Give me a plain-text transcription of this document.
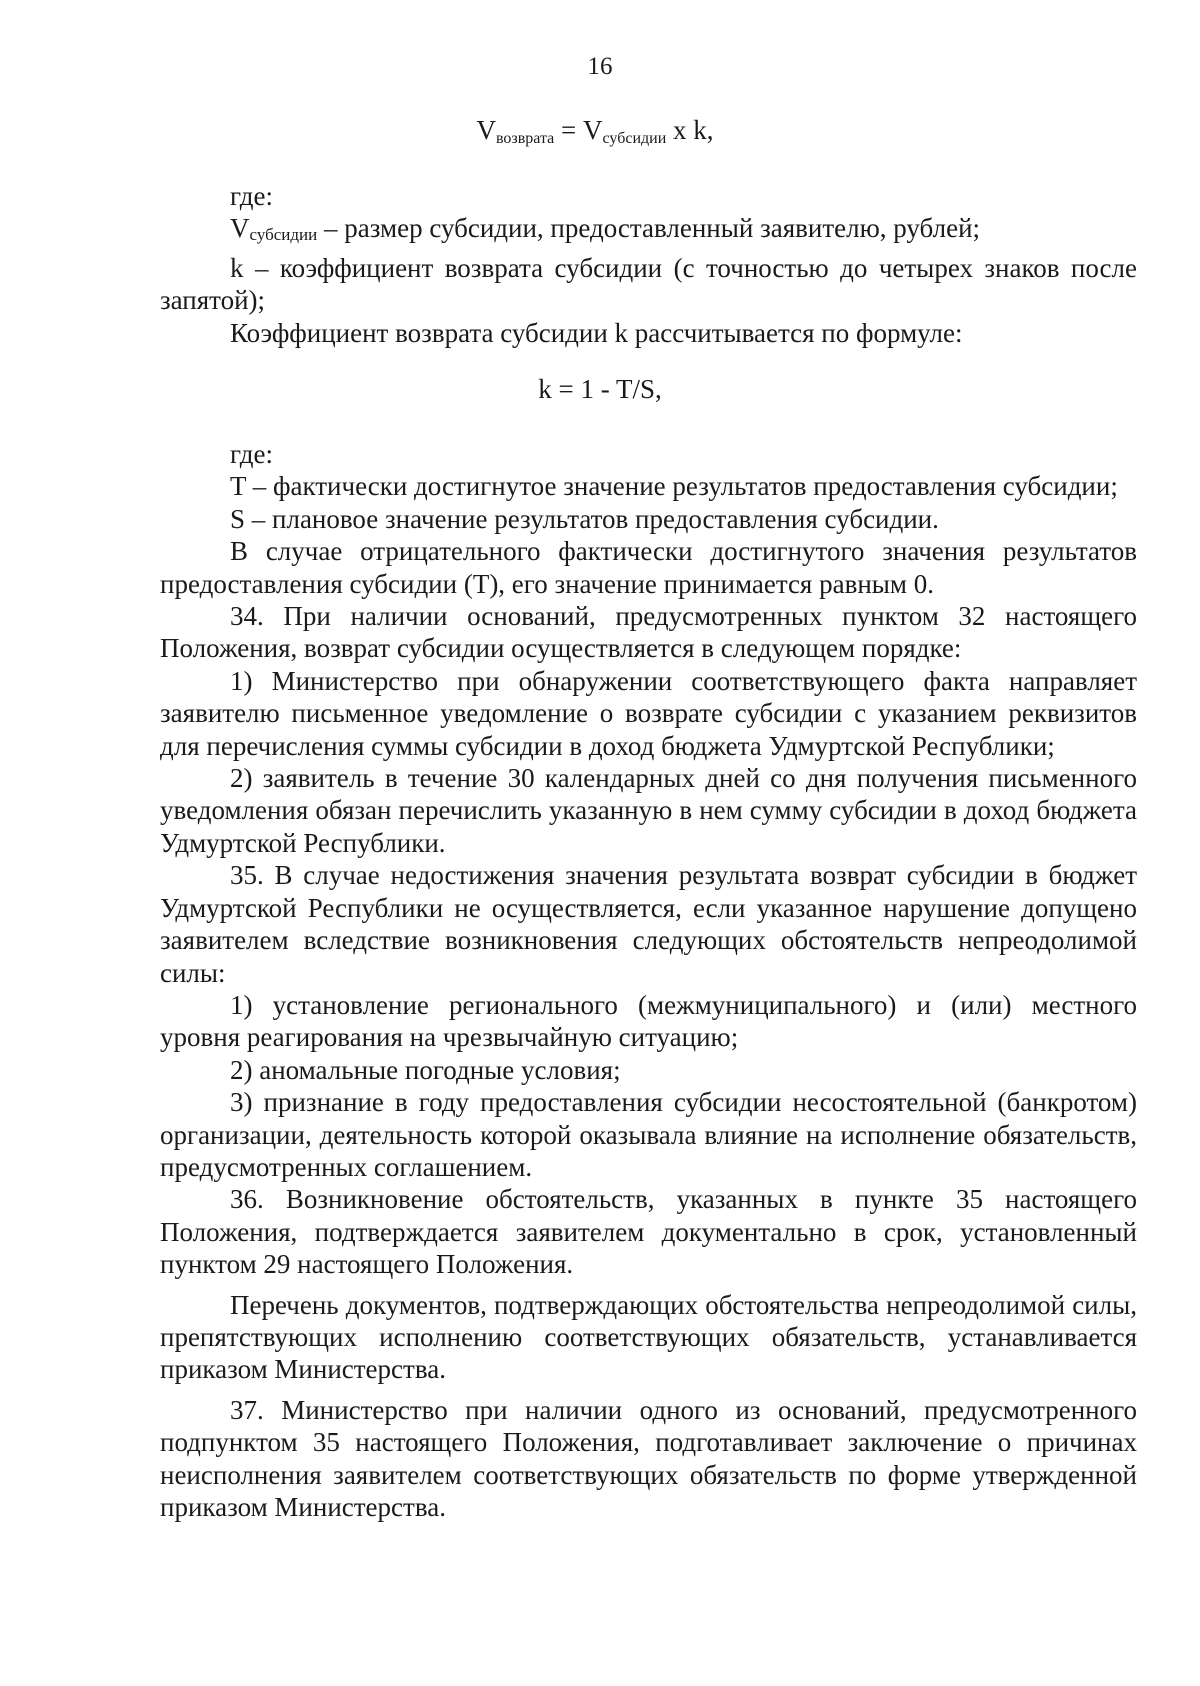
16
$V_{возврата} = V_{субсидии}$ х k,

где:

Vсубсидии – размер субсидии, предоставленный заявителю, рублей;

k – коэффициент возврата субсидии (с точностью до четырех знаков после запятой);

Коэффициент возврата субсидии k рассчитывается по формуле:

k = 1 - T/S,

где:

T – фактически достигнутое значение результатов предоставления субсидии;

S – плановое значение результатов предоставления субсидии.

В случае отрицательного фактически достигнутого значения результатов предоставления субсидии (T), его значение принимается равным 0.

34. При наличии оснований, предусмотренных пунктом 32 настоящего Положения, возврат субсидии осуществляется в следующем порядке:

1) Министерство при обнаружении соответствующего факта направляет заявителю письменное уведомление о возврате субсидии с указанием реквизитов для перечисления суммы субсидии в доход бюджета Удмуртской Республики;

2) заявитель в течение 30 календарных дней со дня получения письменного уведомления обязан перечислить указанную в нем сумму субсидии в доход бюджета Удмуртской Республики.

35. В случае недостижения значения результата возврат субсидии в бюджет Удмуртской Республики не осуществляется, если указанное нарушение допущено заявителем вследствие возникновения следующих обстоятельств непреодолимой силы:

1) установление регионального (межмуниципального) и (или) местного уровня реагирования на чрезвычайную ситуацию;

2) аномальные погодные условия;

3) признание в году предоставления субсидии несостоятельной (банкротом) организации, деятельность которой оказывала влияние на исполнение обязательств, предусмотренных соглашением.

36. Возникновение обстоятельств, указанных в пункте 35 настоящего Положения, подтверждается заявителем документально в срок, установленный пунктом 29 настоящего Положения.

Перечень документов, подтверждающих обстоятельства непреодолимой силы, препятствующих исполнению соответствующих обязательств, устанавливается приказом Министерства.

37. Министерство при наличии одного из оснований, предусмотренного подпунктом 35 настоящего Положения, подготавливает заключение о причинах неисполнения заявителем соответствующих обязательств по форме утвержденной приказом Министерства.
